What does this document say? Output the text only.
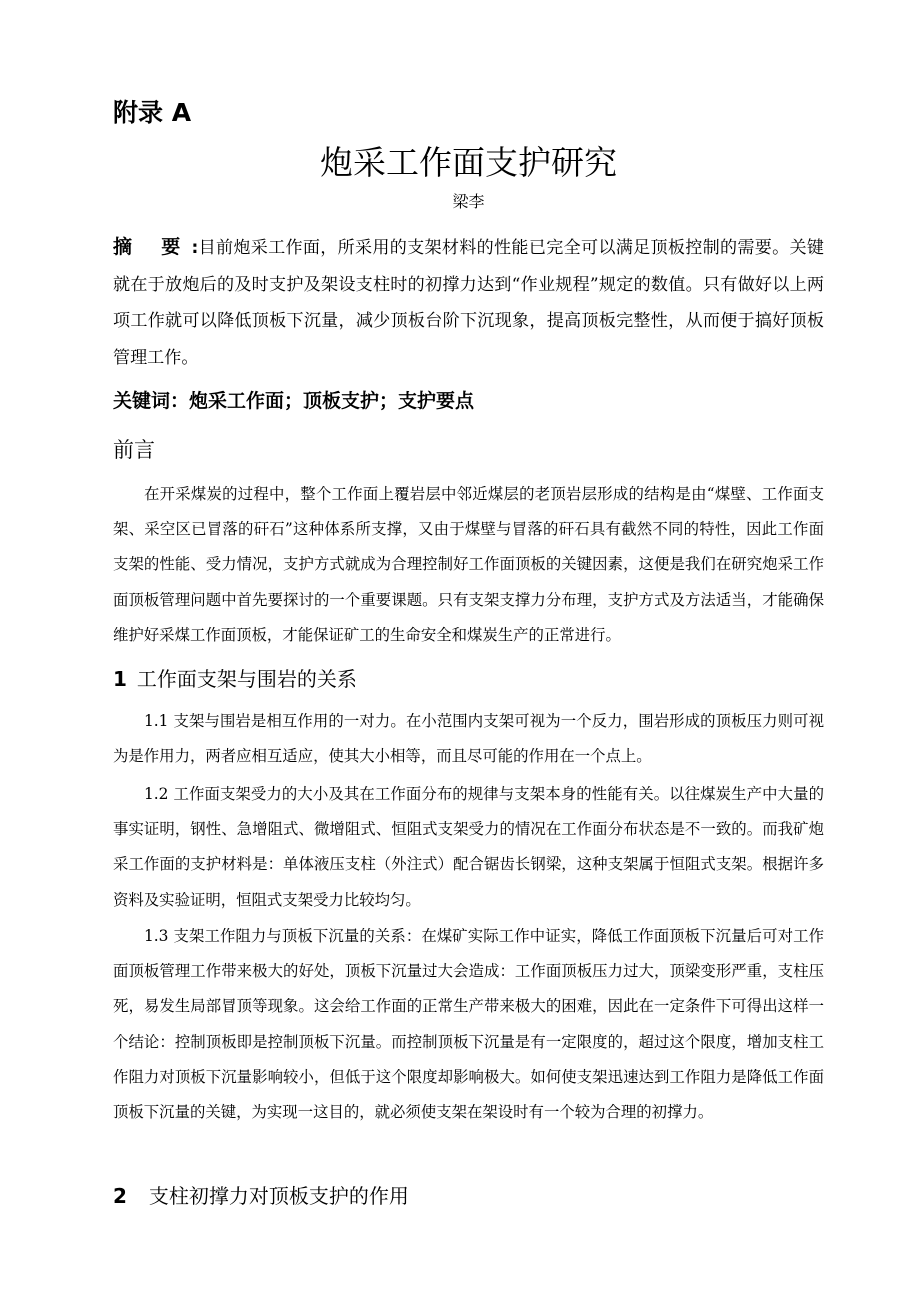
附录 A
炮采工作面支护研究
梁李
摘 要:目前炮采工作面，所采用的支架材料的性能已完全可以满足顶板控制的需要。关键就在于放炮后的及时支护及架设支柱时的初撑力达到“作业规程”规定的数值。只有做好以上两项工作就可以降低顶板下沉量，减少顶板台阶下沉现象，提高顶板完整性，从而便于搞好顶板管理工作。
关键词：炮采工作面；顶板支护；支护要点
前言
在开采煤炭的过程中，整个工作面上覆岩层中邻近煤层的老顶岩层形成的结构是由“煤壁、工作面支架、采空区已冒落的矸石”这种体系所支撑，又由于煤壁与冒落的矸石具有截然不同的特性，因此工作面支架的性能、受力情况，支护方式就成为合理控制好工作面顶板的关键因素，这便是我们在研究炮采工作面顶板管理问题中首先要探讨的一个重要课题。只有支架支撑力分布理，支护方式及方法适当，才能确保维护好采煤工作面顶板，才能保证矿工的生命安全和煤炭生产的正常进行。
1 工作面支架与围岩的关系
1.1 支架与围岩是相互作用的一对力。在小范围内支架可视为一个反力，围岩形成的顶板压力则可视为是作用力，两者应相互适应，使其大小相等，而且尽可能的作用在一个点上。
1.2 工作面支架受力的大小及其在工作面分布的规律与支架本身的性能有关。以往煤炭生产中大量的事实证明，钢性、急增阻式、微增阻式、恒阻式支架受力的情况在工作面分布状态是不一致的。而我矿炮采工作面的支护材料是：单体液压支柱（外注式）配合锯齿长钢梁，这种支架属于恒阻式支架。根据许多资料及实验证明，恒阻式支架受力比较均匀。
1.3 支架工作阻力与顶板下沉量的关系：在煤矿实际工作中证实，降低工作面顶板下沉量后可对工作面顶板管理工作带来极大的好处，顶板下沉量过大会造成：工作面顶板压力过大，顶梁变形严重，支柱压死，易发生局部冒顶等现象。这会给工作面的正常生产带来极大的困难，因此在一定条件下可得出这样一个结论：控制顶板即是控制顶板下沉量。而控制顶板下沉量是有一定限度的，超过这个限度，增加支柱工作阻力对顶板下沉量影响较小，但低于这个限度却影响极大。如何使支架迅速达到工作阻力是降低工作面顶板下沉量的关键，为实现一这目的，就必须使支架在架设时有一个较为合理的初撑力。
2 支柱初撑力对顶板支护的作用
